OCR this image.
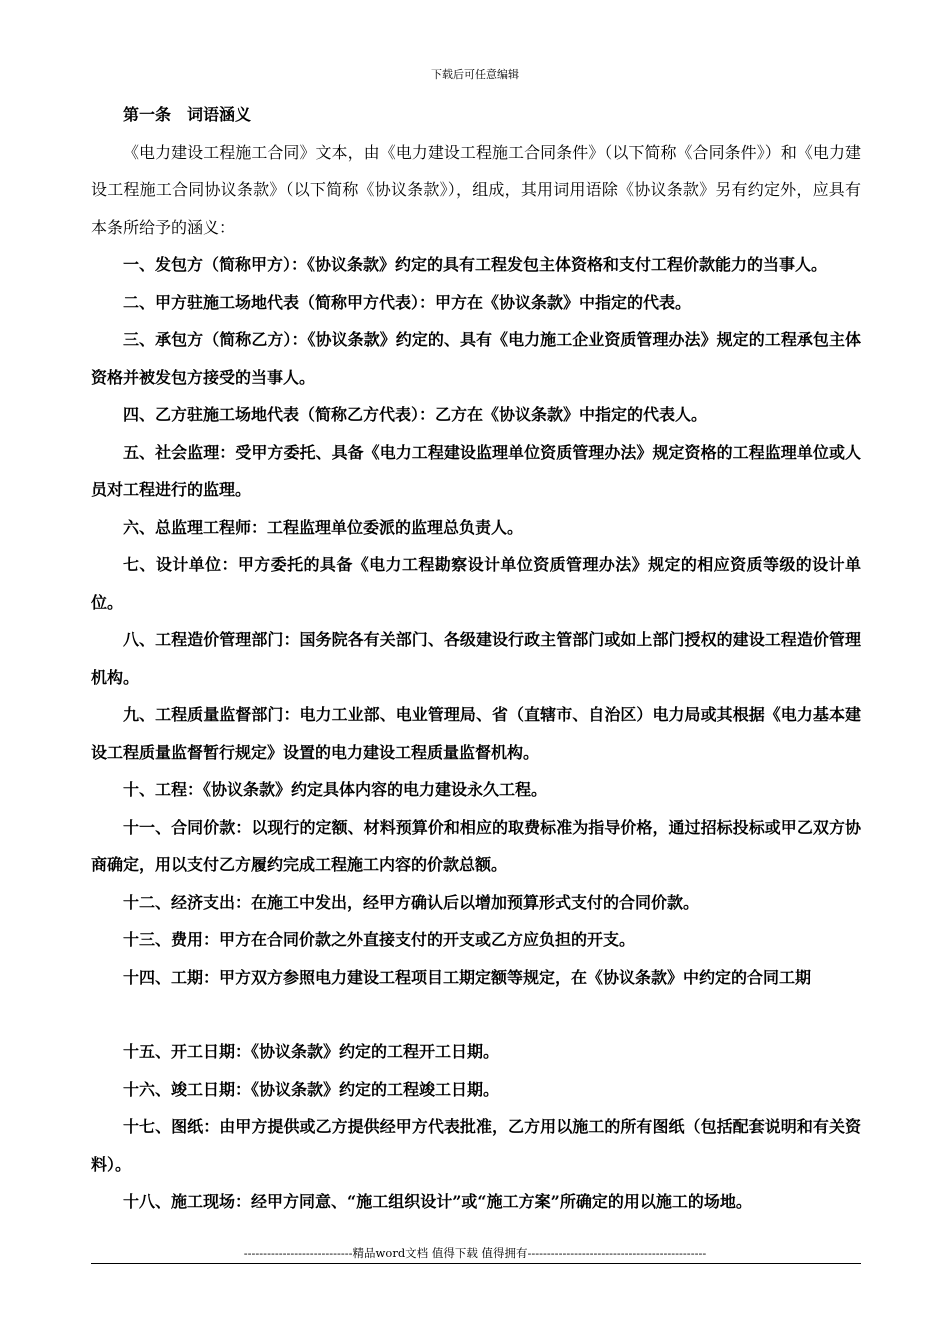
下载后可任意编辑

第一条 词语涵义

《电力建设工程施工合同》文本，由《电力建设工程施工合同条件》（以下简称《合同条件》）和《电力建设工程施工合同协议条款》（以下简称《协议条款》），组成，其用词用语除《协议条款》另有约定外，应具有本条所给予的涵义：

一、发包方（简称甲方）：《协议条款》约定的具有工程发包主体资格和支付工程价款能力的当事人。

二、甲方驻施工场地代表（简称甲方代表）：甲方在《协议条款》中指定的代表。

三、承包方（简称乙方）：《协议条款》约定的、具有《电力施工企业资质管理办法》规定的工程承包主体资格并被发包方接受的当事人。

四、乙方驻施工场地代表（简称乙方代表）：乙方在《协议条款》中指定的代表人。

五、社会监理：受甲方委托、具备《电力工程建设监理单位资质管理办法》规定资格的工程监理单位或人员对工程进行的监理。

六、总监理工程师：工程监理单位委派的监理总负责人。

七、设计单位：甲方委托的具备《电力工程勘察设计单位资质管理办法》规定的相应资质等级的设计单位。

八、工程造价管理部门：国务院各有关部门、各级建设行政主管部门或如上部门授权的建设工程造价管理机构。

九、工程质量监督部门：电力工业部、电业管理局、省（直辖市、自治区）电力局或其根据《电力基本建设工程质量监督暂行规定》设置的电力建设工程质量监督机构。

十、工程：《协议条款》约定具体内容的电力建设永久工程。

十一、合同价款：以现行的定额、材料预算价和相应的取费标准为指导价格，通过招标投标或甲乙双方协商确定，用以支付乙方履约完成工程施工内容的价款总额。

十二、经济支出：在施工中发出，经甲方确认后以增加预算形式支付的合同价款。

十三、费用：甲方在合同价款之外直接支付的开支或乙方应负担的开支。

十四、工期：甲方双方参照电力建设工程项目工期定额等规定，在《协议条款》中约定的合同工期

十五、开工日期：《协议条款》约定的工程开工日期。

十六、竣工日期：《协议条款》约定的工程竣工日期。

十七、图纸：由甲方提供或乙方提供经甲方代表批准，乙方用以施工的所有图纸（包括配套说明和有关资料）。

十八、施工现场：经甲方同意、“施工组织设计”或“施工方案”所确定的用以施工的场地。

----------------------------精品word文档 值得下载 值得拥有----------------------------------------------
